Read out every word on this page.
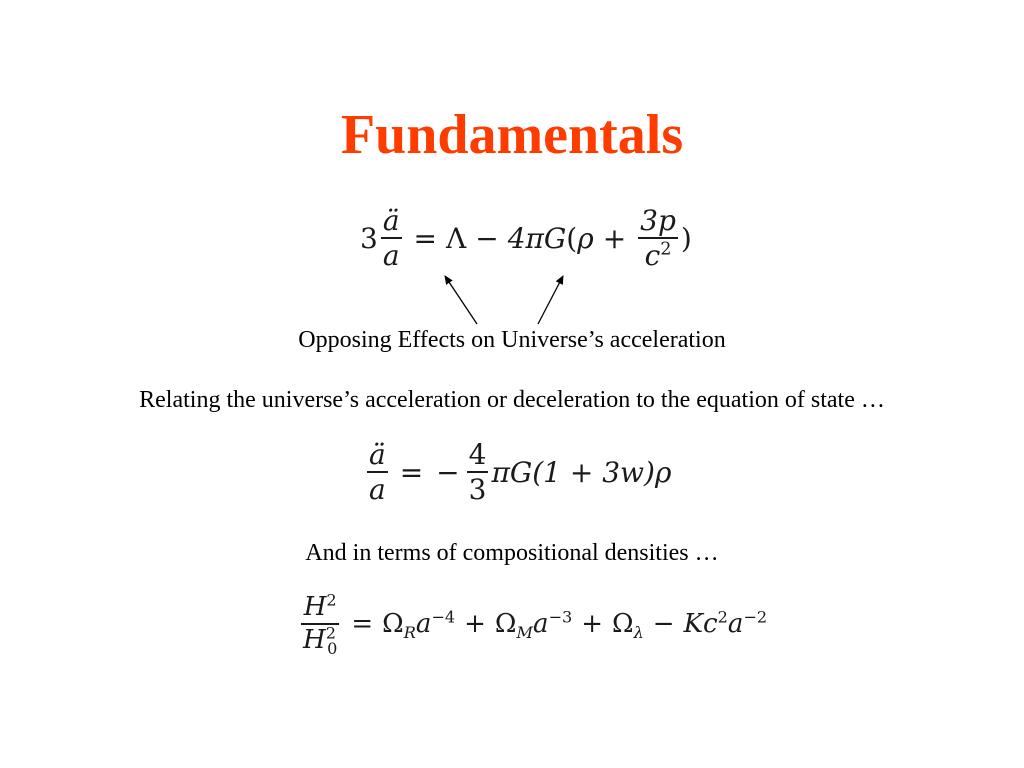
Fundamentals
$3 \frac{ä}{a} = \Lambda - 4\pi G$ ( $\rho + \frac{3p}{c^2}$ )
Opposing Effects on Universe’s acceleration
Relating the universe’s acceleration or deceleration to the equation of state …
$\frac{ä}{a}$ = − $\frac{4}{3} \pi G(1 + 3w)\rho$
And in terms of compositional densities …
$\frac{H^2}{H^2_0} = \Omega_Ra^{-4} + \Omega_Ma^{-3} + \Omega_\lambda - Kc^2a^{-2}$
